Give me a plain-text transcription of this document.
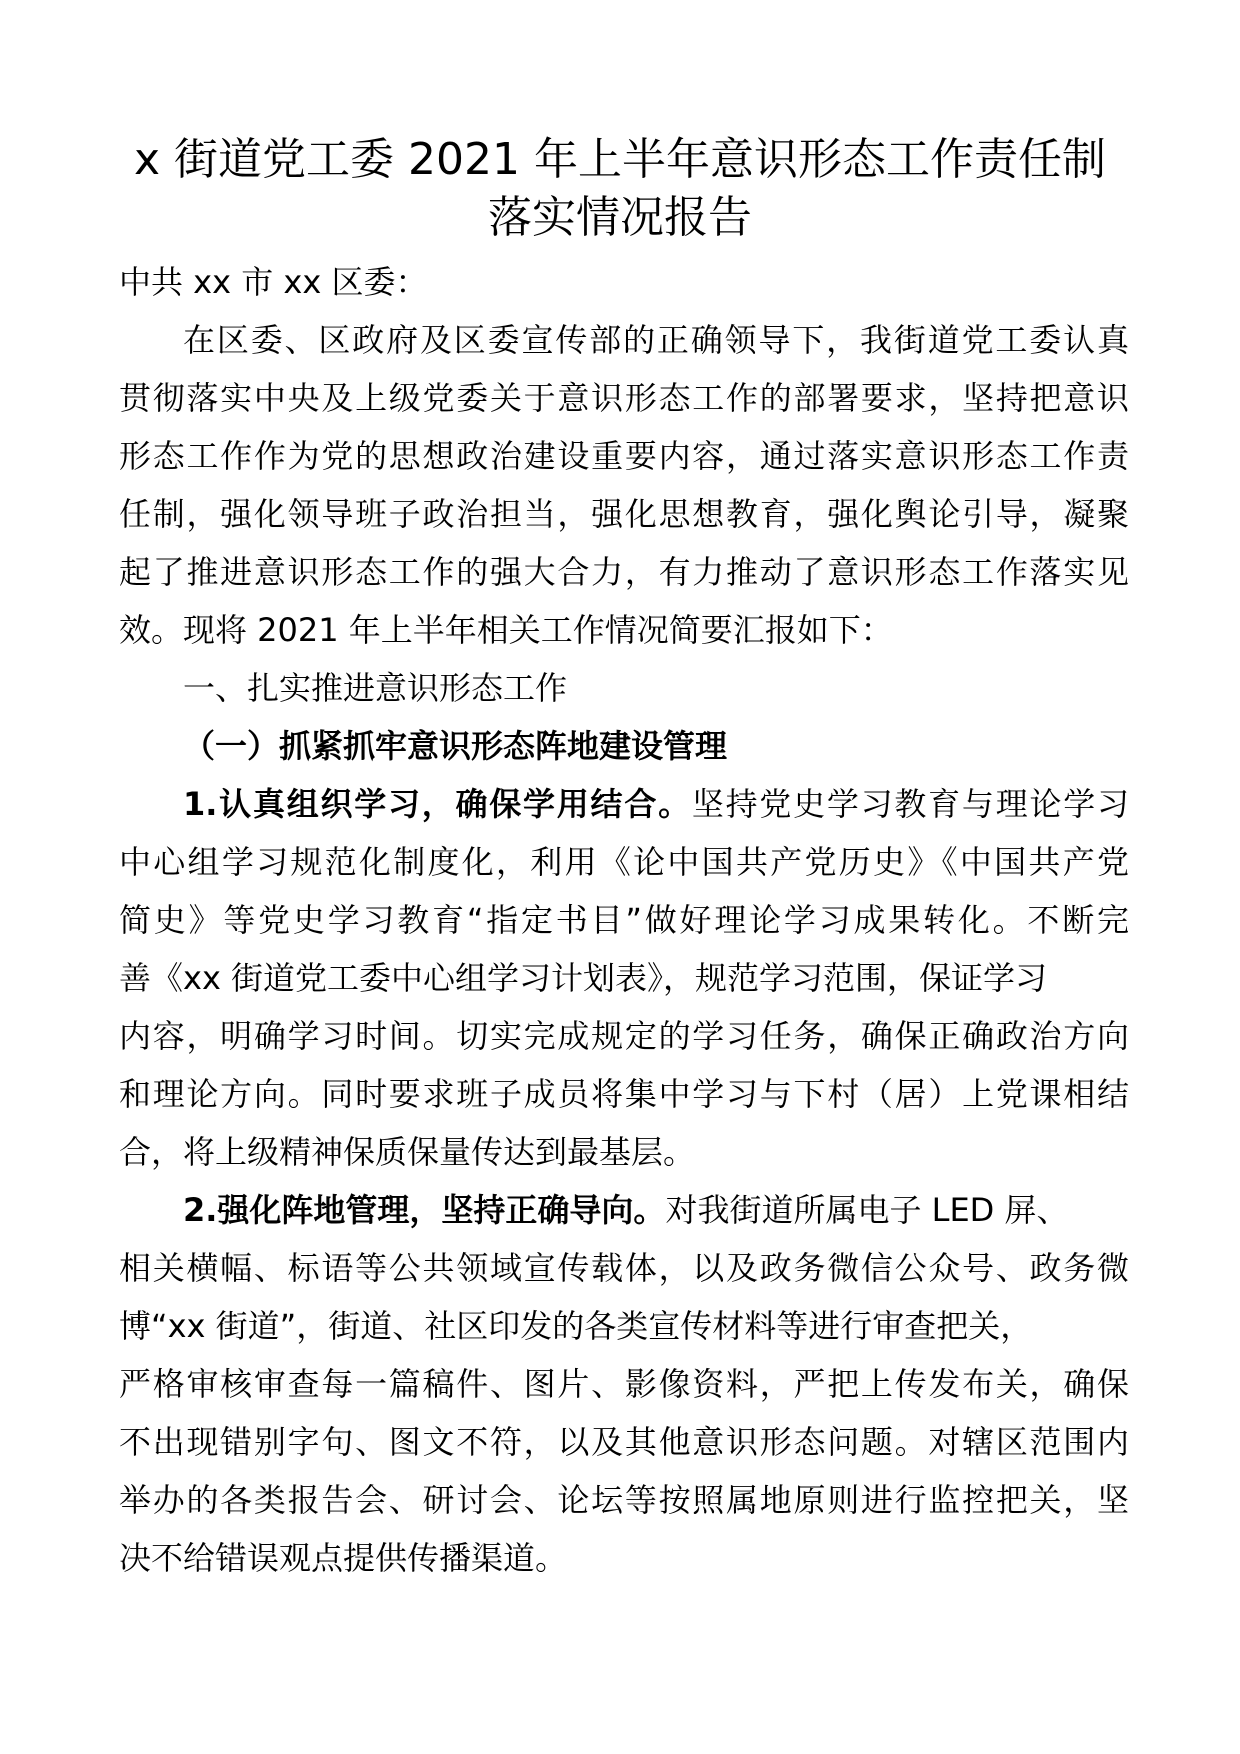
x 街道党工委 2021 年上半年意识形态工作责任制
落实情况报告
中共 xx 市 xx 区委：
在区委、区政府及区委宣传部的正确领导下，我街道党工委认真
贯彻落实中央及上级党委关于意识形态工作的部署要求，坚持把意识
形态工作作为党的思想政治建设重要内容，通过落实意识形态工作责
任制，强化领导班子政治担当，强化思想教育，强化舆论引导，凝聚
起了推进意识形态工作的强大合力，有力推动了意识形态工作落实见
效。现将 2021 年上半年相关工作情况简要汇报如下：
一、扎实推进意识形态工作
（一）抓紧抓牢意识形态阵地建设管理
1.认真组织学习，确保学用结合。坚持党史学习教育与理论学习
中心组学习规范化制度化，利用《论中国共产党历史》《中国共产党
简史》等党史学习教育“指定书目”做好理论学习成果转化。不断完
善《xx 街道党工委中心组学习计划表》，规范学习范围，保证学习
内容，明确学习时间。切实完成规定的学习任务，确保正确政治方向
和理论方向。同时要求班子成员将集中学习与下村（居）上党课相结
合，将上级精神保质保量传达到最基层。
2.强化阵地管理，坚持正确导向。对我街道所属电子 LED 屏、
相关横幅、标语等公共领域宣传载体，以及政务微信公众号、政务微
博“xx 街道”，街道、社区印发的各类宣传材料等进行审查把关，
严格审核审查每一篇稿件、图片、影像资料，严把上传发布关，确保
不出现错别字句、图文不符，以及其他意识形态问题。对辖区范围内
举办的各类报告会、研讨会、论坛等按照属地原则进行监控把关，坚
决不给错误观点提供传播渠道。
